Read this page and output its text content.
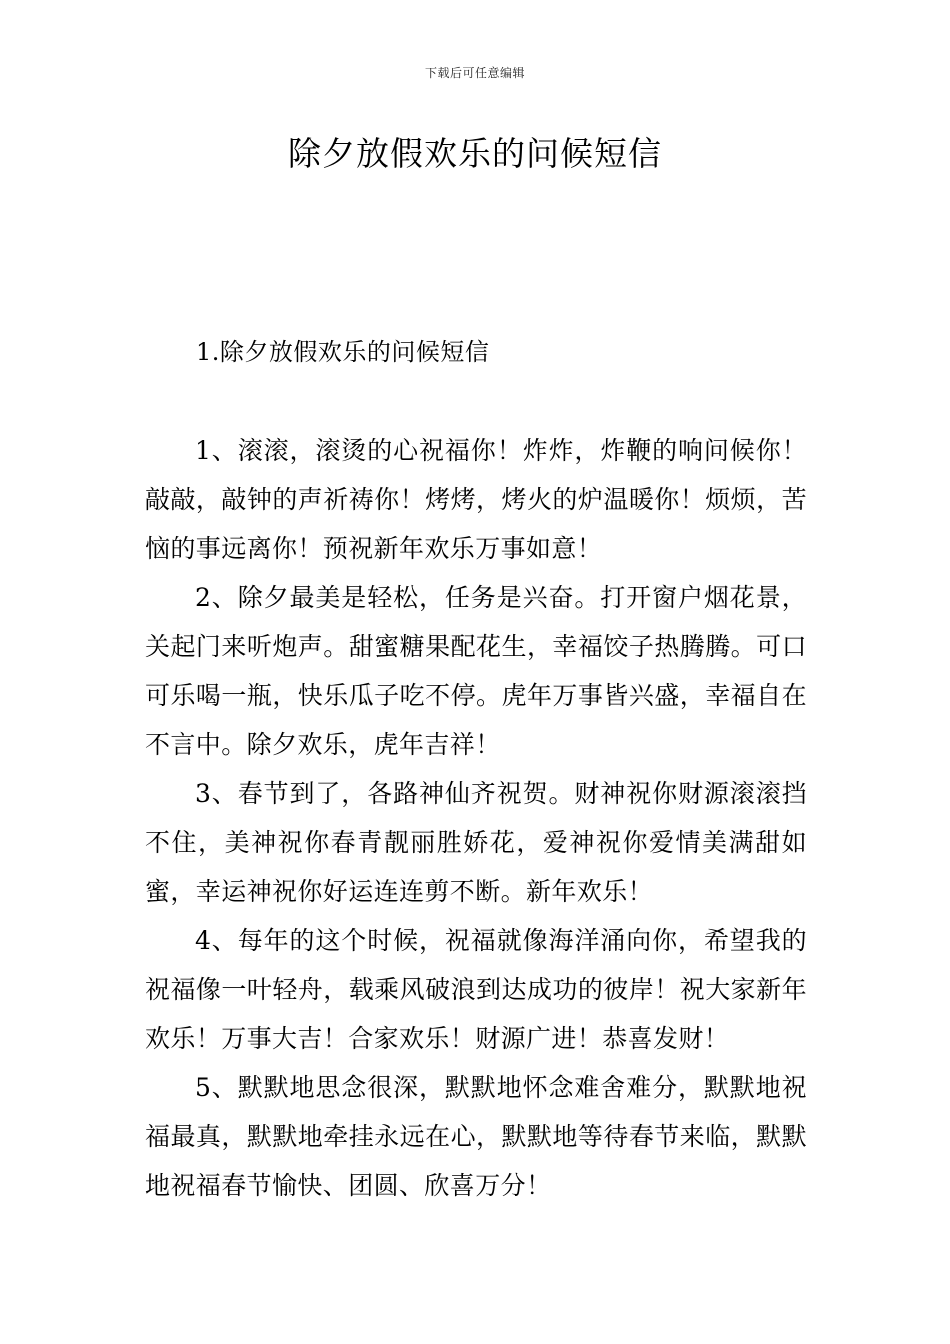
下载后可任意编辑
除夕放假欢乐的问候短信
1.除夕放假欢乐的问候短信

1、滚滚，滚烫的心祝福你！炸炸，炸鞭的响问候你！敲敲，敲钟的声祈祷你！烤烤，烤火的炉温暖你！烦烦，苦恼的事远离你！预祝新年欢乐万事如意！

2、除夕最美是轻松，任务是兴奋。打开窗户烟花景，关起门来听炮声。甜蜜糖果配花生，幸福饺子热腾腾。可口可乐喝一瓶，快乐瓜子吃不停。虎年万事皆兴盛，幸福自在不言中。除夕欢乐，虎年吉祥！

3、春节到了，各路神仙齐祝贺。财神祝你财源滚滚挡不住，美神祝你春青靓丽胜娇花，爱神祝你爱情美满甜如蜜，幸运神祝你好运连连剪不断。新年欢乐！

4、每年的这个时候，祝福就像海洋涌向你，希望我的祝福像一叶轻舟，载乘风破浪到达成功的彼岸！祝大家新年欢乐！万事大吉！合家欢乐！财源广进！恭喜发财！

5、默默地思念很深，默默地怀念难舍难分，默默地祝福最真，默默地牵挂永远在心，默默地等待春节来临，默默地祝福春节愉快、团圆、欣喜万分！
